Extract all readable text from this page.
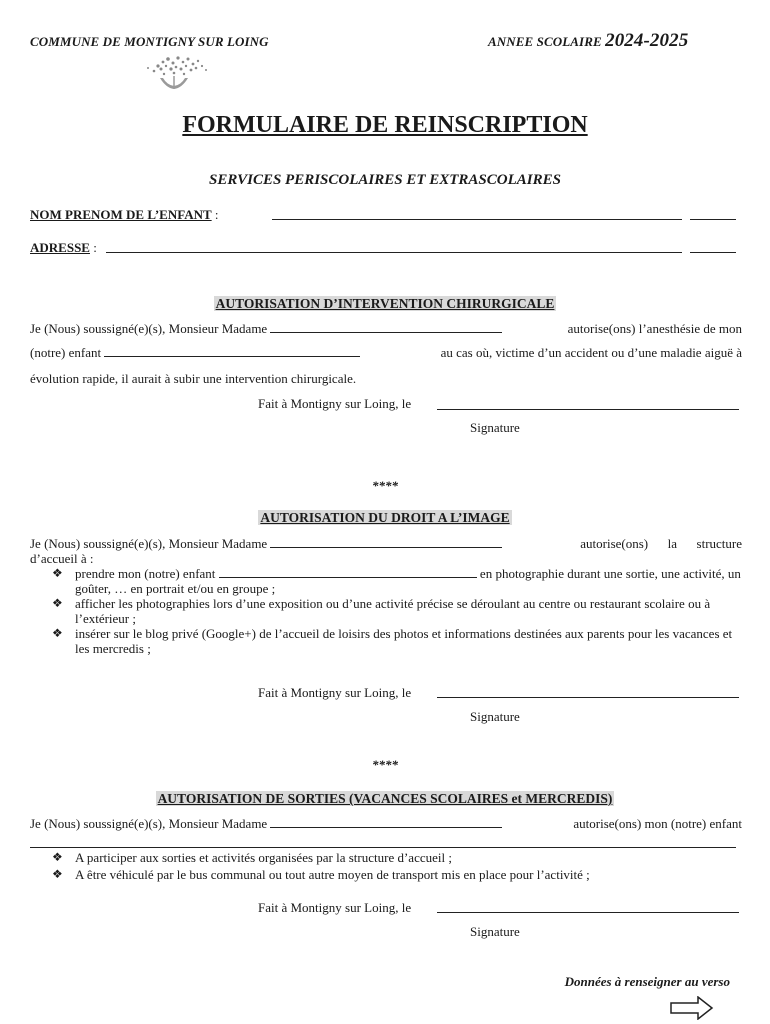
COMMUNE DE MONTIGNY SUR LOING	ANNEE SCOLAIRE 2024-2025
FORMULAIRE DE REINSCRIPTION
SERVICES PERISCOLAIRES ET EXTRASCOLAIRES
NOM PRENOM DE L’ENFANT :
ADRESSE :
AUTORISATION D’INTERVENTION CHIRURGICALE
Je (Nous) soussigné(e)(s), Monsieur Madame	autorise(ons) l’anesthésie de mon
(notre) enfant	au cas où, victime d’un accident ou d’une maladie aiguë à
évolution rapide, il aurait à subir une intervention chirurgicale.
Fait à Montigny sur Loing, le
Signature
****
AUTORISATION DU DROIT A L’IMAGE
Je (Nous) soussigné(e)(s), Monsieur Madame	autorise(ons)      la      structure
d’accueil à :
❖ prendre mon (notre) enfant	en photographie durant une sortie, une activité, un goûter, … en portrait et/ou en groupe ;
❖ afficher les photographies lors d’une exposition ou d’une activité précise se déroulant au centre ou restaurant scolaire ou à l’extérieur ;
❖ insérer sur le blog privé (Google+) de l’accueil de loisirs des photos et informations destinées aux parents pour les vacances et les mercredis ;
Fait à Montigny sur Loing, le
Signature
****
AUTORISATION DE SORTIES (VACANCES SCOLAIRES et MERCREDIS)
Je (Nous) soussigné(e)(s), Monsieur Madame	autorise(ons) mon (notre) enfant
❖ A participer aux sorties et activités organisées par la structure d’accueil ;
❖ A être véhiculé par le bus communal ou tout autre moyen de transport mis en place pour l’activité ;
Fait à Montigny sur Loing, le
Signature
Données à renseigner au verso
